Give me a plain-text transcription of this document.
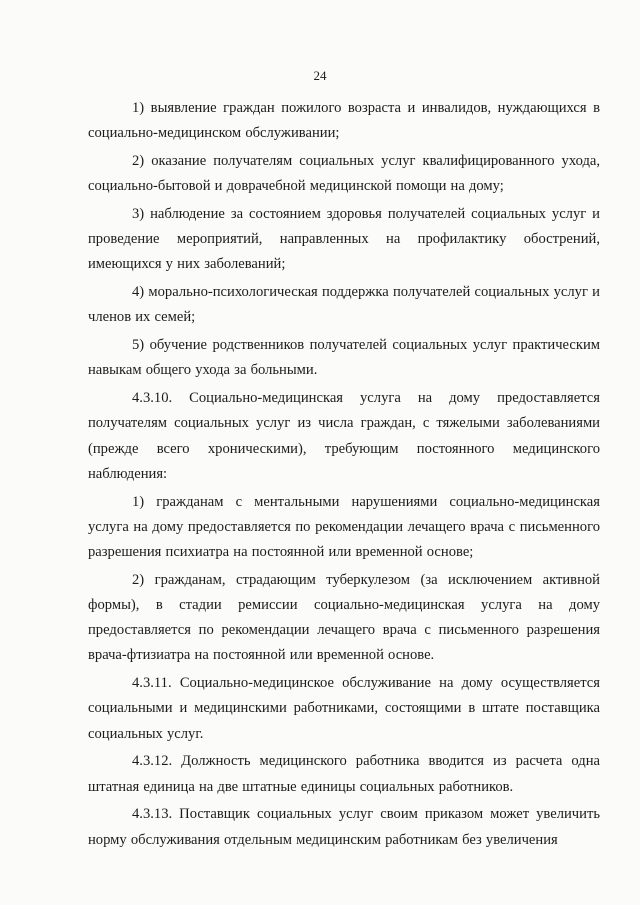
24

1) выявление граждан пожилого возраста и инвалидов, нуждающихся в социально-медицинском обслуживании;

2) оказание получателям социальных услуг квалифицированного ухода, социально-бытовой и доврачебной медицинской помощи на дому;

3) наблюдение за состоянием здоровья получателей социальных услуг и проведение мероприятий, направленных на профилактику обострений, имеющихся у них заболеваний;

4) морально-психологическая поддержка получателей социальных услуг и членов их семей;

5) обучение родственников получателей социальных услуг практическим навыкам общего ухода за больными.

4.3.10. Социально-медицинская услуга на дому предоставляется получателям социальных услуг из числа граждан, с тяжелыми заболеваниями (прежде всего хроническими), требующим постоянного медицинского наблюдения:

1) гражданам с ментальными нарушениями социально-медицинская услуга на дому предоставляется по рекомендации лечащего врача с письменного разрешения психиатра на постоянной или временной основе;

2) гражданам, страдающим туберкулезом (за исключением активной формы), в стадии ремиссии социально-медицинская услуга на дому предоставляется по рекомендации лечащего врача с письменного разрешения врача-фтизиатра на постоянной или временной основе.

4.3.11. Социально-медицинское обслуживание на дому осуществляется социальными и медицинскими работниками, состоящими в штате поставщика социальных услуг.

4.3.12. Должность медицинского работника вводится из расчета одна штатная единица на две штатные единицы социальных работников.

4.3.13. Поставщик социальных услуг своим приказом может увеличить норму обслуживания отдельным медицинским работникам без увеличения
